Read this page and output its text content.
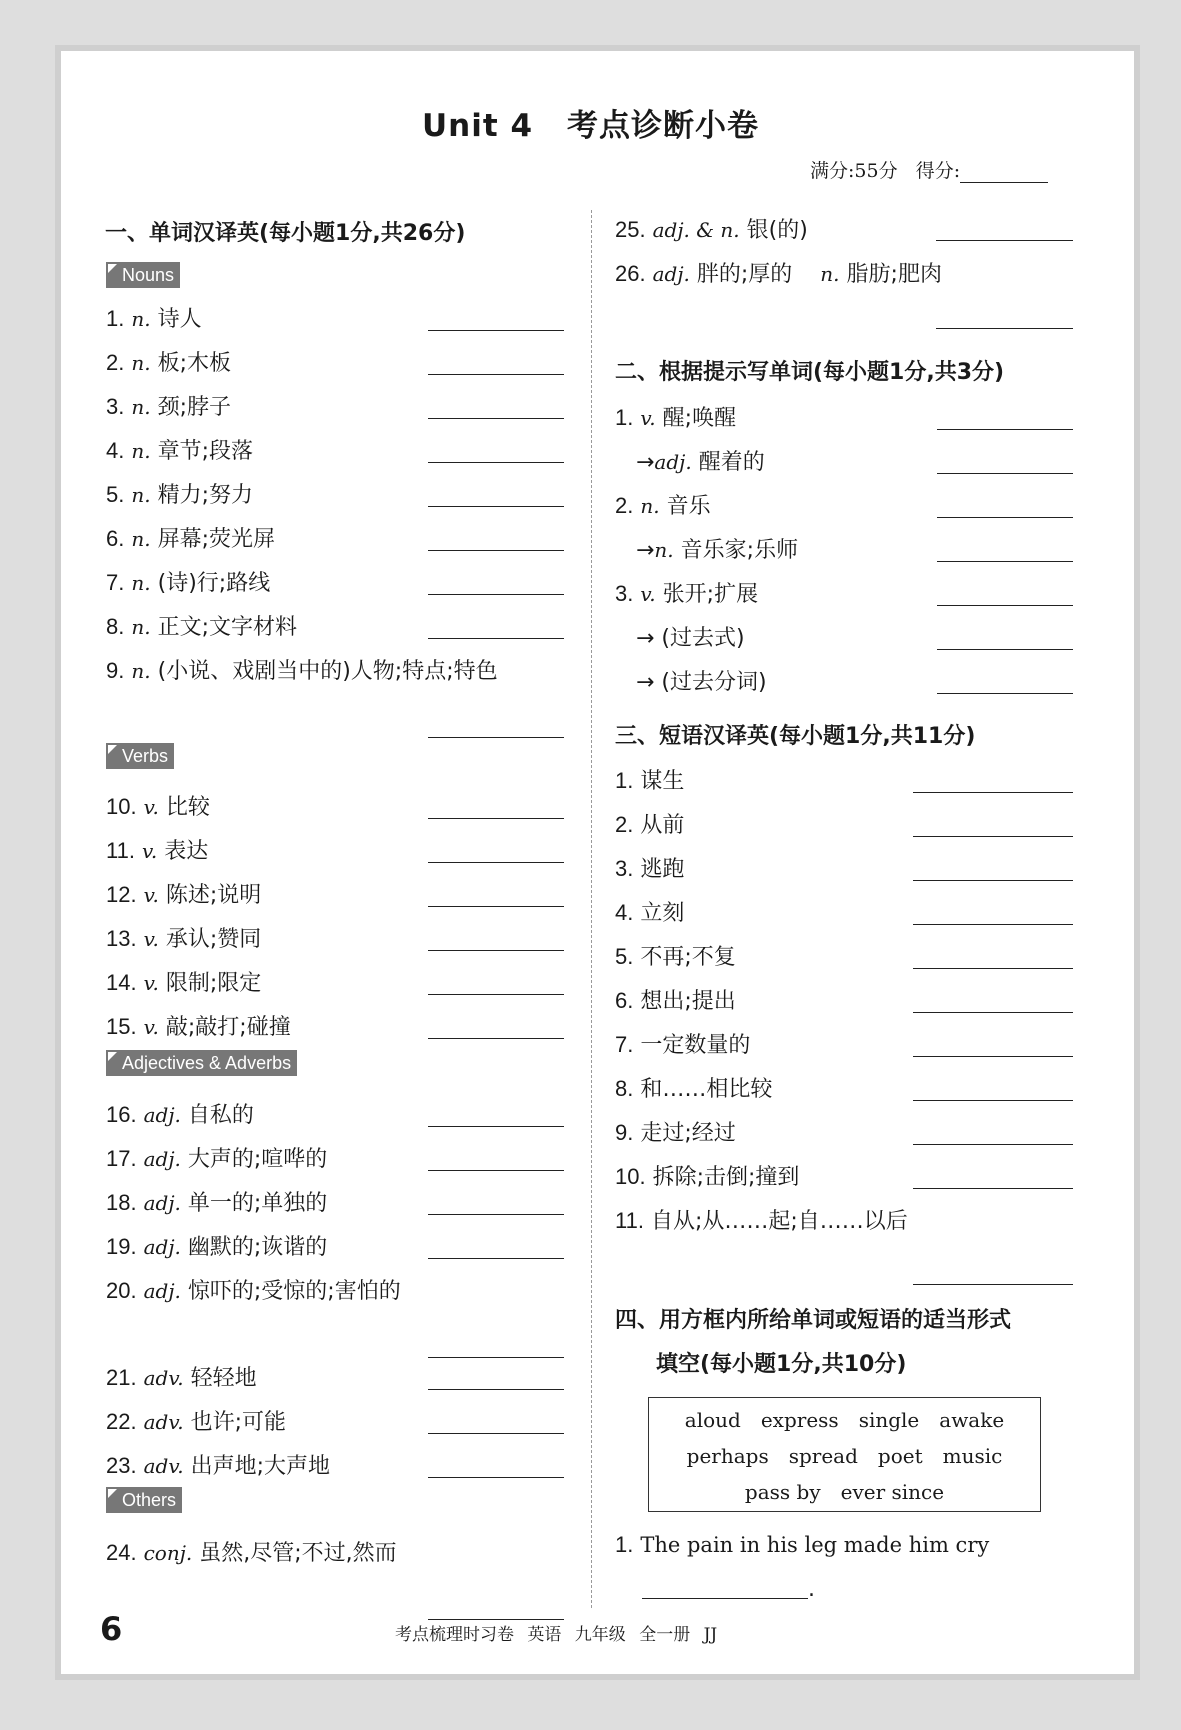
Unit 4 考点诊断小卷
满分:55分 得分:
一、单词汉译英(每小题1分,共26分)
Nouns
Verbs
Adjectives & Adverbs
Others
1. n. 诗人
2. n. 板;木板
3. n. 颈;脖子
4. n. 章节;段落
5. n. 精力;努力
6. n. 屏幕;荧光屏
7. n. (诗)行;路线
8. n. 正文;文字材料
9. n. (小说、戏剧当中的)人物;特点;特色
10. v. 比较
11. v. 表达
12. v. 陈述;说明
13. v. 承认;赞同
14. v. 限制;限定
15. v. 敲;敲打;碰撞
16. adj. 自私的
17. adj. 大声的;喧哗的
18. adj. 单一的;单独的
19. adj. 幽默的;诙谐的
20. adj. 惊吓的;受惊的;害怕的
21. adv. 轻轻地
22. adv. 也许;可能
23. adv. 出声地;大声地
24. conj. 虽然,尽管;不过,然而
25. adj. & n. 银(的)
26. adj. 胖的;厚的 n. 脂肪;肥肉
二、根据提示写单词(每小题1分,共3分)
1. v. 醒;唤醒
→adj. 醒着的
2. n. 音乐
→n. 音乐家;乐师
3. v. 张开;扩展
→ (过去式)
→ (过去分词)
三、短语汉译英(每小题1分,共11分)
1. 谋生
2. 从前
3. 逃跑
4. 立刻
5. 不再;不复
6. 想出;提出
7. 一定数量的
8. 和……相比较
9. 走过;经过
10. 拆除;击倒;撞到
11. 自从;从……起;自……以后
四、用方框内所给单词或短语的适当形式
填空(每小题1分,共10分)
aloud express single awake
perhaps spread poet music
pass by ever since
1. The pain in his leg made him cry
.
6	考点梳理时习卷 英语 九年级 全一册 JJ
